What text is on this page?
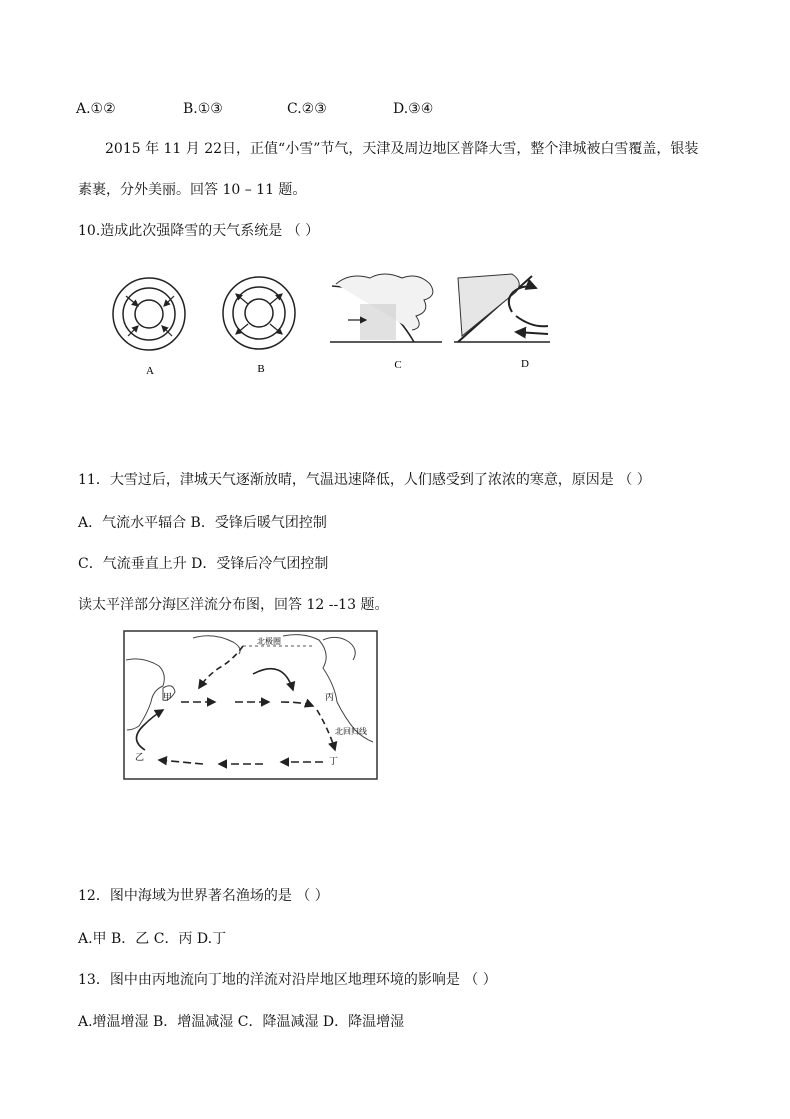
A.①②	B.①③	C.②③	D.③④
2015 年 11 月 22日，正值“小雪”节气，天津及周边地区普降大雪，整个津城被白雪覆盖，银装
素裹，分外美丽。回答 10 – 11 题。
10.造成此次强降雪的天气系统是 （ ）
A	B	C	D
11．大雪过后，津城天气逐渐放晴，气温迅速降低，人们感受到了浓浓的寒意，原因是 （ ）
A．气流水平辐合 B．受锋后暖气团控制
C．气流垂直上升 D．受锋后冷气团控制
读太平洋部分海区洋流分布图，回答 12 --13 题。
北极圈
北回归线
甲
乙
丙
丁
12．图中海域为世界著名渔场的是 （ ）
A.甲 B．乙 C．丙 D.丁
13．图中由丙地流向丁地的洋流对沿岸地区地理环境的影响是 （ ）
A.增温增湿 B．增温减湿 C．降温减湿 D．降温增湿
